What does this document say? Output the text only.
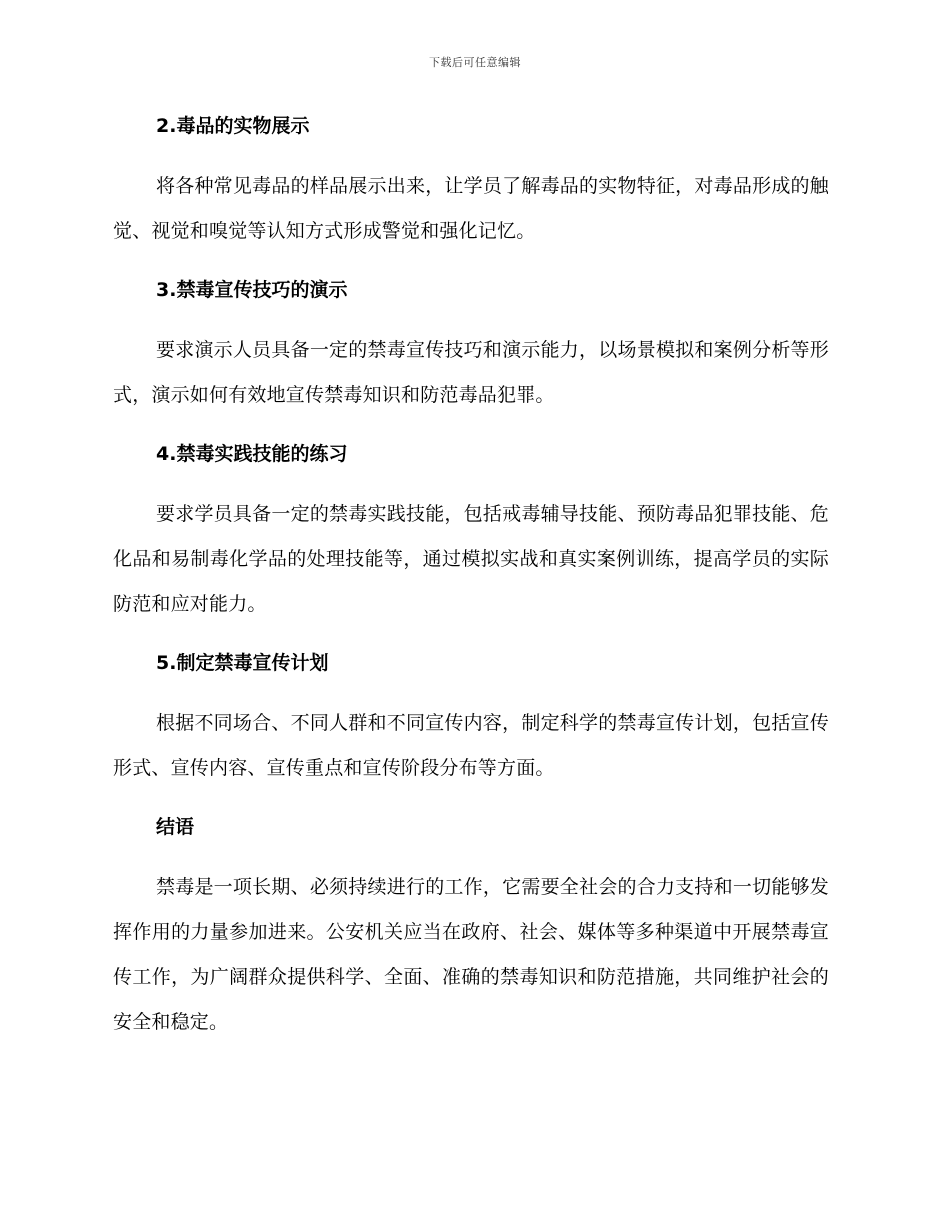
下载后可任意编辑
2.毒品的实物展示

将各种常见毒品的样品展示出来，让学员了解毒品的实物特征，对毒品形成的触觉、视觉和嗅觉等认知方式形成警觉和强化记忆。

3.禁毒宣传技巧的演示

要求演示人员具备一定的禁毒宣传技巧和演示能力，以场景模拟和案例分析等形式，演示如何有效地宣传禁毒知识和防范毒品犯罪。

4.禁毒实践技能的练习

要求学员具备一定的禁毒实践技能，包括戒毒辅导技能、预防毒品犯罪技能、危化品和易制毒化学品的处理技能等，通过模拟实战和真实案例训练，提高学员的实际防范和应对能力。

5.制定禁毒宣传计划

根据不同场合、不同人群和不同宣传内容，制定科学的禁毒宣传计划，包括宣传形式、宣传内容、宣传重点和宣传阶段分布等方面。

结语

禁毒是一项长期、必须持续进行的工作，它需要全社会的合力支持和一切能够发挥作用的力量参加进来。公安机关应当在政府、社会、媒体等多种渠道中开展禁毒宣传工作，为广阔群众提供科学、全面、准确的禁毒知识和防范措施，共同维护社会的安全和稳定。
